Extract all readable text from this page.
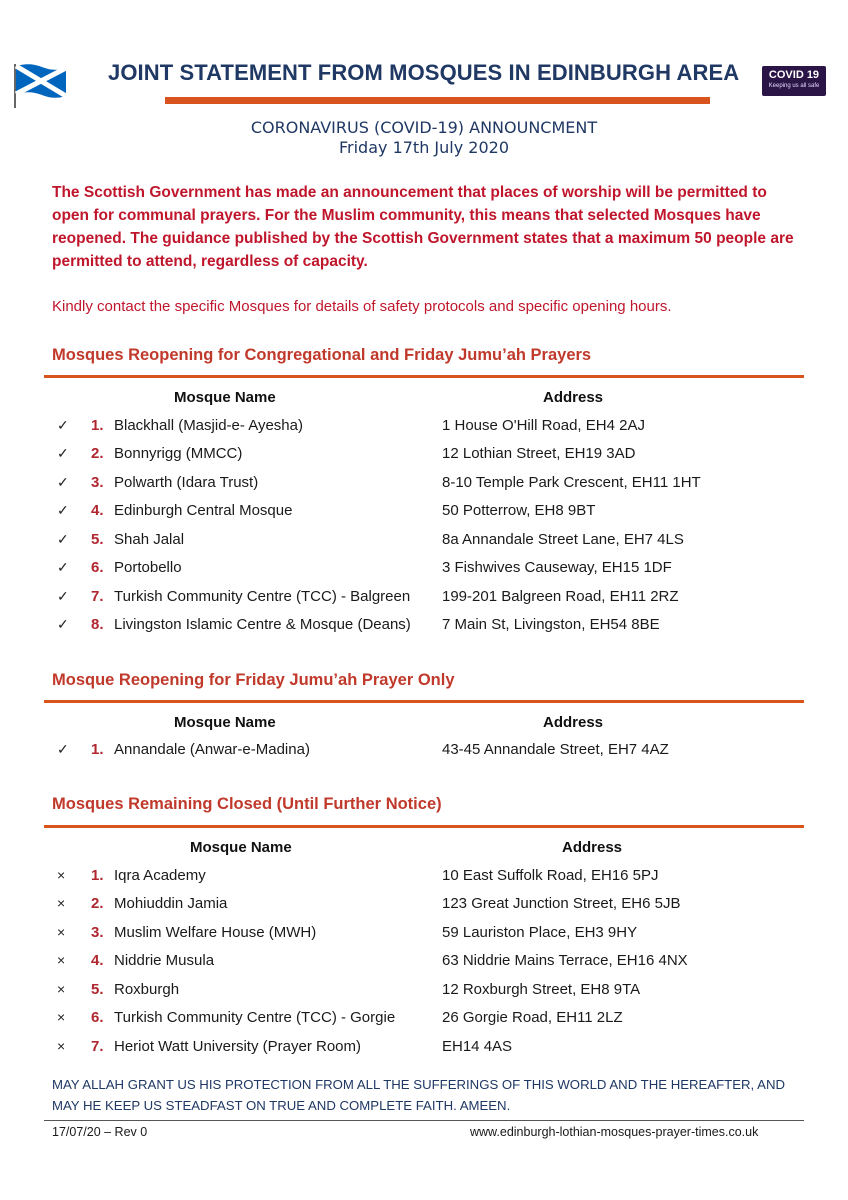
JOINT STATEMENT FROM MOSQUES IN EDINBURGH AREA	COVID 19
Keeping us all safe
CORONAVIRUS (COVID-19) ANNOUNCMENT
Friday 17th July 2020
The Scottish Government has made an announcement that places of worship will be permitted to open for communal prayers. For the Muslim community, this means that selected Mosques have reopened. The guidance published by the Scottish Government states that a maximum 50 people are permitted to attend, regardless of capacity.
Kindly contact the specific Mosques for details of safety protocols and specific opening hours.
Mosques Reopening for Congregational and Friday Jumu’ah Prayers
Mosque Name	Address
✓ 1. Blackhall (Masjid-e- Ayesha)	1 House O'Hill Road, EH4 2AJ
✓ 2. Bonnyrigg (MMCC)	12 Lothian Street, EH19 3AD
✓ 3. Polwarth (Idara Trust)	8-10 Temple Park Crescent, EH11 1HT
✓ 4. Edinburgh Central Mosque	50 Potterrow, EH8 9BT
✓ 5. Shah Jalal	8a Annandale Street Lane, EH7 4LS
✓ 6. Portobello	3 Fishwives Causeway, EH15 1DF
✓ 7. Turkish Community Centre (TCC) - Balgreen 199-201 Balgreen Road, EH11 2RZ
✓ 8. Livingston Islamic Centre & Mosque (Deans) 7 Main St, Livingston, EH54 8BE
Mosque Reopening for Friday Jumu’ah Prayer Only
Mosque Name	Address
✓ 1. Annandale (Anwar-e-Madina)	43-45 Annandale Street, EH7 4AZ
Mosques Remaining Closed (Until Further Notice)
Mosque Name	Address
× 1. Iqra Academy	10 East Suffolk Road, EH16 5PJ
× 2. Mohiuddin Jamia	123 Great Junction Street, EH6 5JB
× 3. Muslim Welfare House (MWH)	59 Lauriston Place, EH3 9HY
× 4. Niddrie Musula	63 Niddrie Mains Terrace, EH16 4NX
× 5. Roxburgh	12 Roxburgh Street, EH8 9TA
× 6. Turkish Community Centre (TCC) - Gorgie	26 Gorgie Road, EH11 2LZ
× 7. Heriot Watt University (Prayer Room)	EH14 4AS
MAY ALLAH GRANT US HIS PROTECTION FROM ALL THE SUFFERINGS OF THIS WORLD AND THE HEREAFTER, AND MAY HE KEEP US STEADFAST ON TRUE AND COMPLETE FAITH. AMEEN.
17/07/20 – Rev 0	www.edinburgh-lothian-mosques-prayer-times.co.uk
